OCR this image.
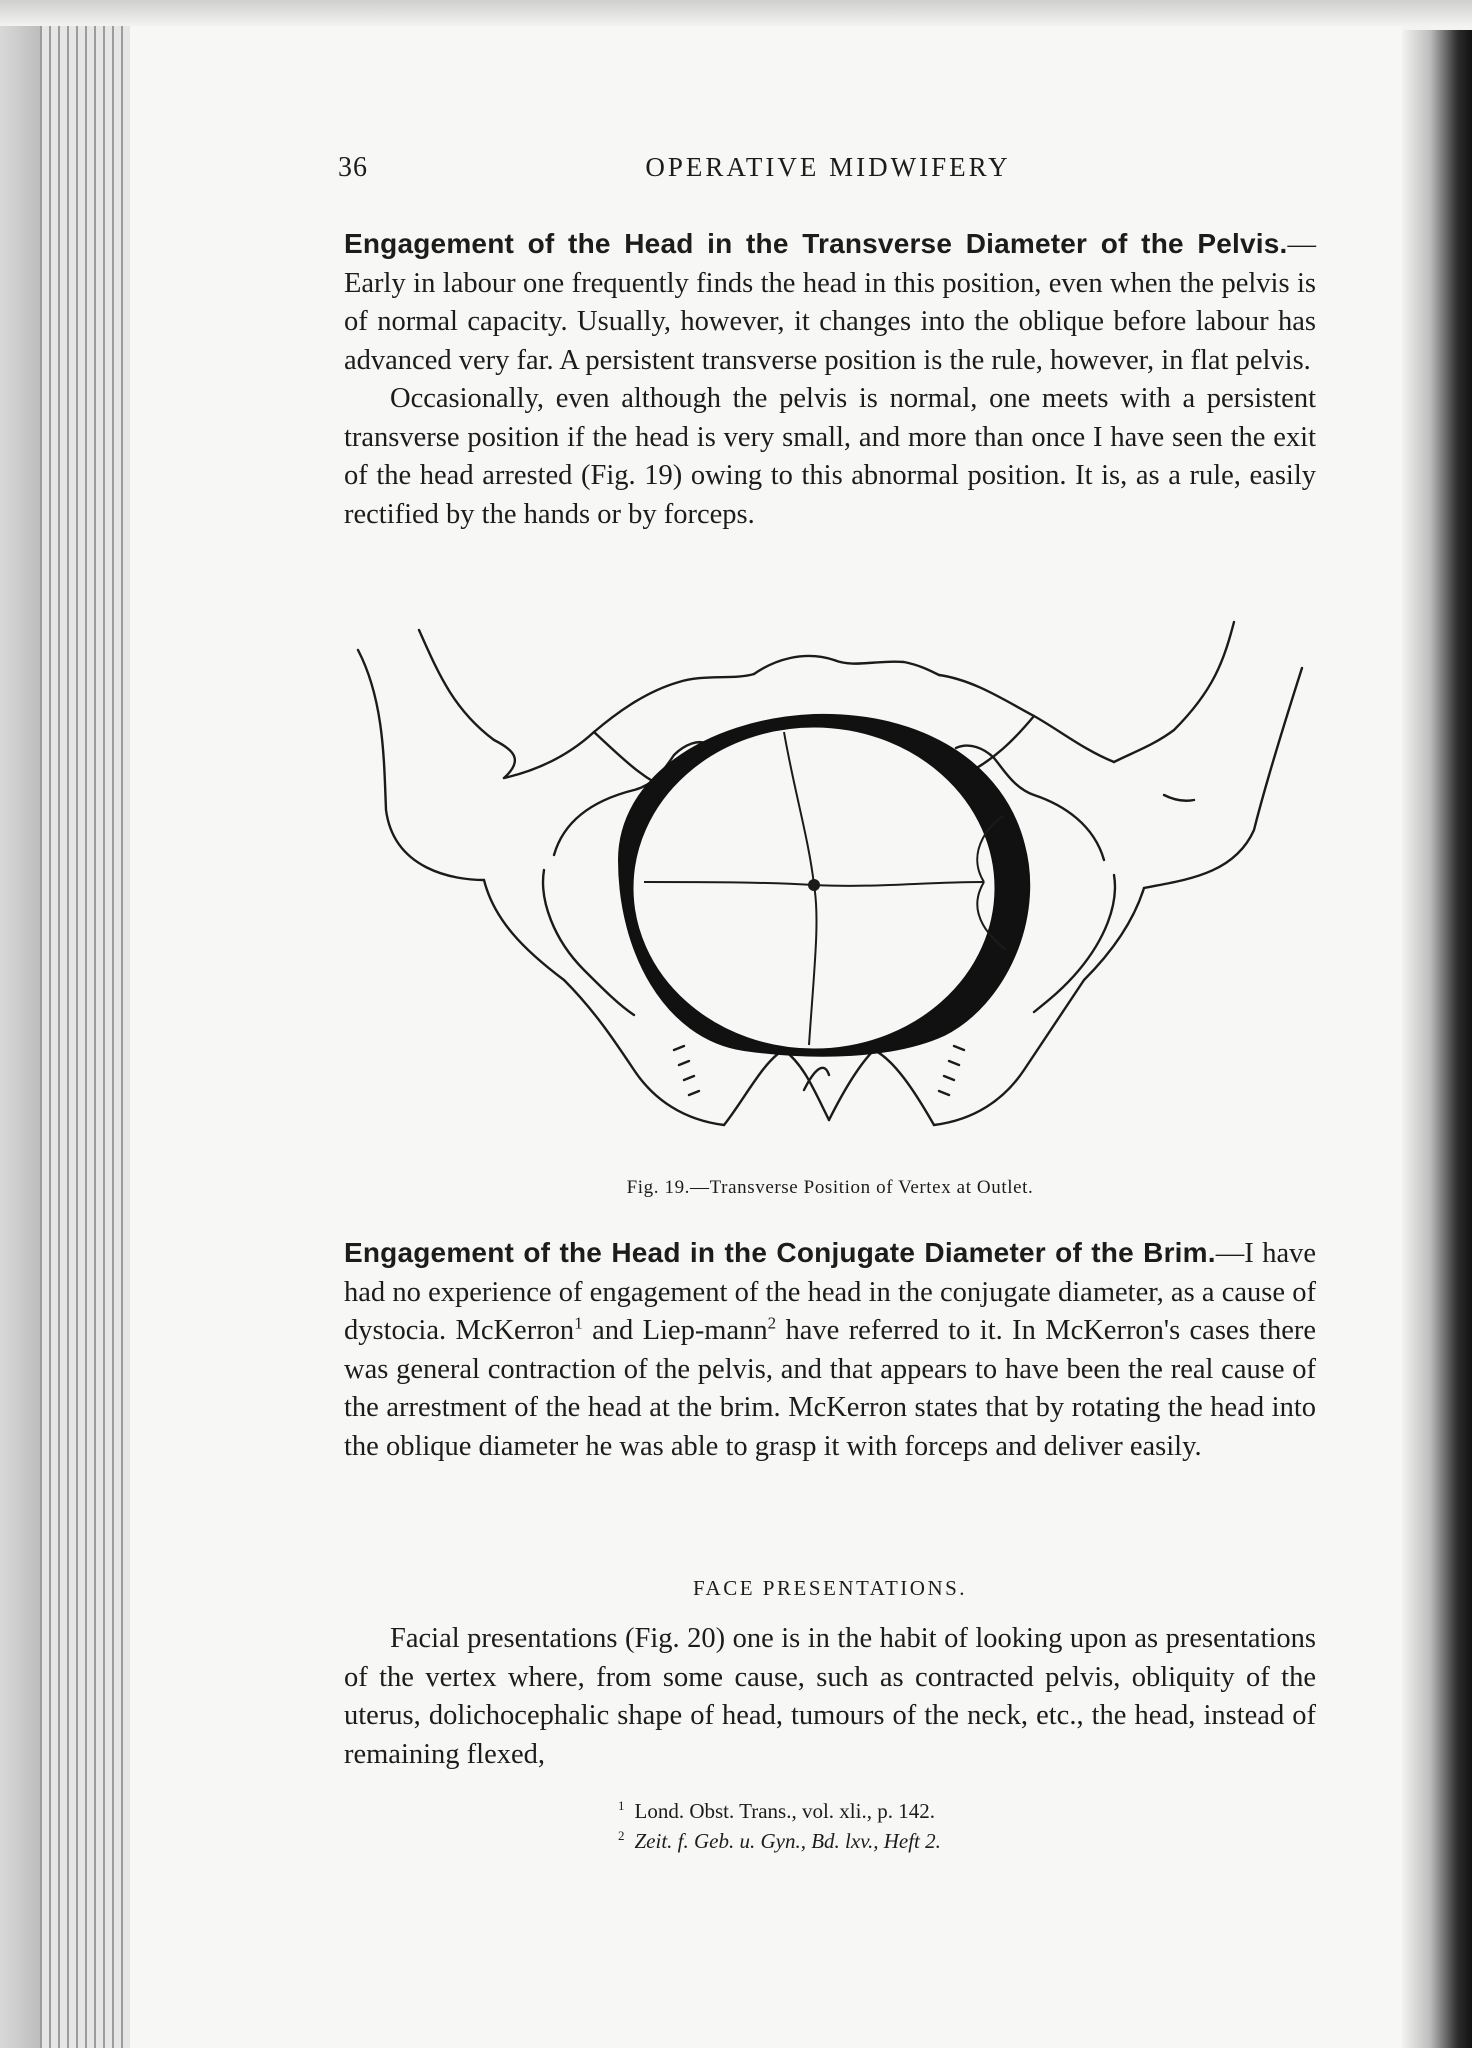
36	OPERATIVE MIDWIFERY

Engagement of the Head in the Transverse Diameter of the Pelvis.—Early in labour one frequently finds the head in this position, even when the pelvis is of normal capacity. Usually, however, it changes into the oblique before labour has advanced very far. A persistent transverse position is the rule, however, in flat pelvis.

Occasionally, even although the pelvis is normal, one meets with a persistent transverse position if the head is very small, and more than once I have seen the exit of the head arrested (Fig. 19) owing to this abnormal position. It is, as a rule, easily rectified by the hands or by forceps.

Fig. 19.—Transverse Position of Vertex at Outlet.

Engagement of the Head in the Conjugate Diameter of the Brim.—I have had no experience of engagement of the head in the conjugate diameter, as a cause of dystocia. McKerron$^1$ and Liep-mann$^2$ have referred to it. In McKerron's cases there was general contraction of the pelvis, and that appears to have been the real cause of the arrestment of the head at the brim. McKerron states that by rotating the head into the oblique diameter he was able to grasp it with forceps and deliver easily.

FACE PRESENTATIONS.

Facial presentations (Fig. 20) one is in the habit of looking upon as presentations of the vertex where, from some cause, such as contracted pelvis, obliquity of the uterus, dolichocephalic shape of head, tumours of the neck, etc., the head, instead of remaining flexed,

$^1$ Lond. Obst. Trans., vol. xli., p. 142.
$^2$ Zeit. f. Geb. u. Gyn., Bd. lxv., Heft 2.
